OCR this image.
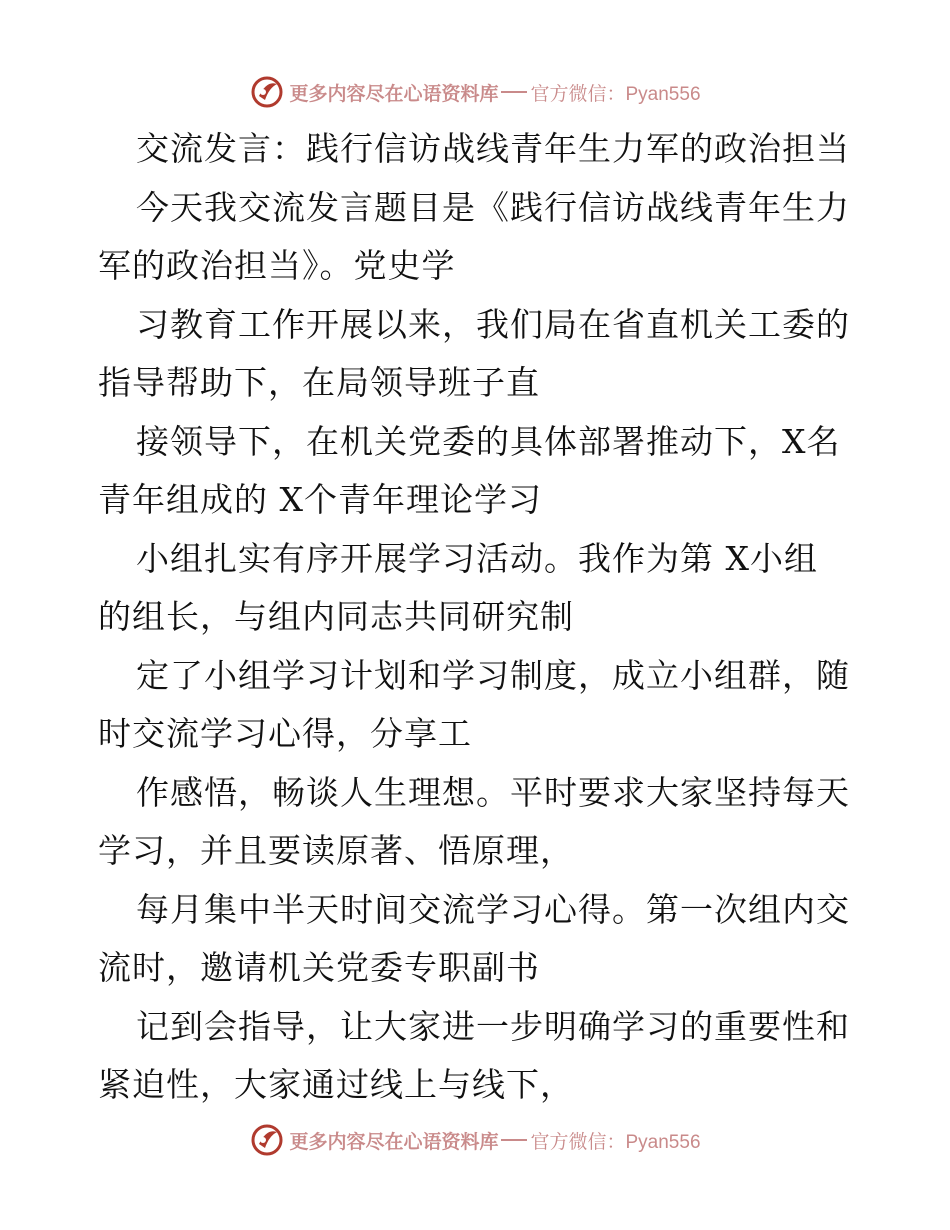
更多内容尽在心语资料库 官方微信：Pyan556
交流发言：践行信访战线青年生力军的政治担当
今天我交流发言题目是《践行信访战线青年生力
军的政治担当》。党史学
习教育工作开展以来，我们局在省直机关工委的
指导帮助下，在局领导班子直
接领导下，在机关党委的具体部署推动下，X名
青年组成的 X个青年理论学习
小组扎实有序开展学习活动。我作为第 X小组
的组长，与组内同志共同研究制
定了小组学习计划和学习制度，成立小组群，随
时交流学习心得，分享工
作感悟，畅谈人生理想。平时要求大家坚持每天
学习，并且要读原著、悟原理，
每月集中半天时间交流学习心得。第一次组内交
流时，邀请机关党委专职副书
记到会指导，让大家进一步明确学习的重要性和
紧迫性，大家通过线上与线下，
更多内容尽在心语资料库 官方微信：Pyan556
